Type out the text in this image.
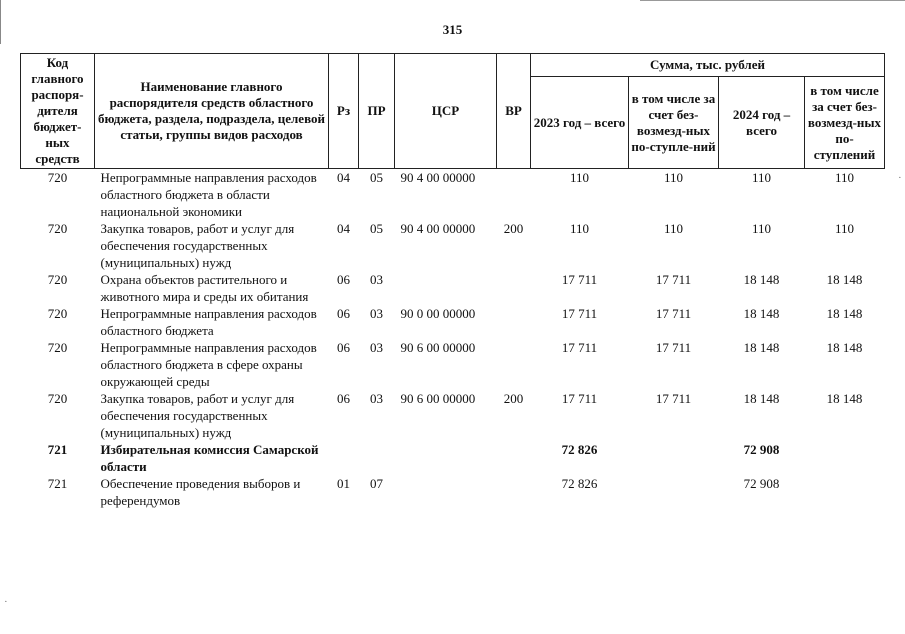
·
·
315
Код главного распоря-дителя бюджет-ных средств	Наименование главного распорядителя средств областного бюджета, раздела, подраздела, целевой статьи, группы видов расходов	Рз	ПР	ЦСР	ВР	Сумма, тыс. рублей			
						2023 год – всего	в том числе за счет без-возмезд-ных по-ступле-ний	2024 год – всего	в том числе за счет без-возмезд-ных по-ступлений
720	Непрограммные направления расходов областного бюджета в области национальной экономики	04	05	90 4 00 00000		110	110	110	110
720	Закупка товаров, работ и услуг для обеспечения государственных (муниципальных) нужд	04	05	90 4 00 00000	200	110	110	110	110
720	Охрана объектов растительного и животного мира и среды их обитания	06	03			17 711	17 711	18 148	18 148
720	Непрограммные направления расходов областного бюджета	06	03	90 0 00 00000		17 711	17 711	18 148	18 148
720	Непрограммные направления расходов областного бюджета в сфере охраны окружающей среды	06	03	90 6 00 00000		17 711	17 711	18 148	18 148
720	Закупка товаров, работ и услуг для обеспечения государственных (муниципальных) нужд	06	03	90 6 00 00000	200	17 711	17 711	18 148	18 148
721	Избирательная комиссия Самарской области					72 826		72 908	
721	Обеспечение проведения выборов и референдумов	01	07			72 826		72 908	
